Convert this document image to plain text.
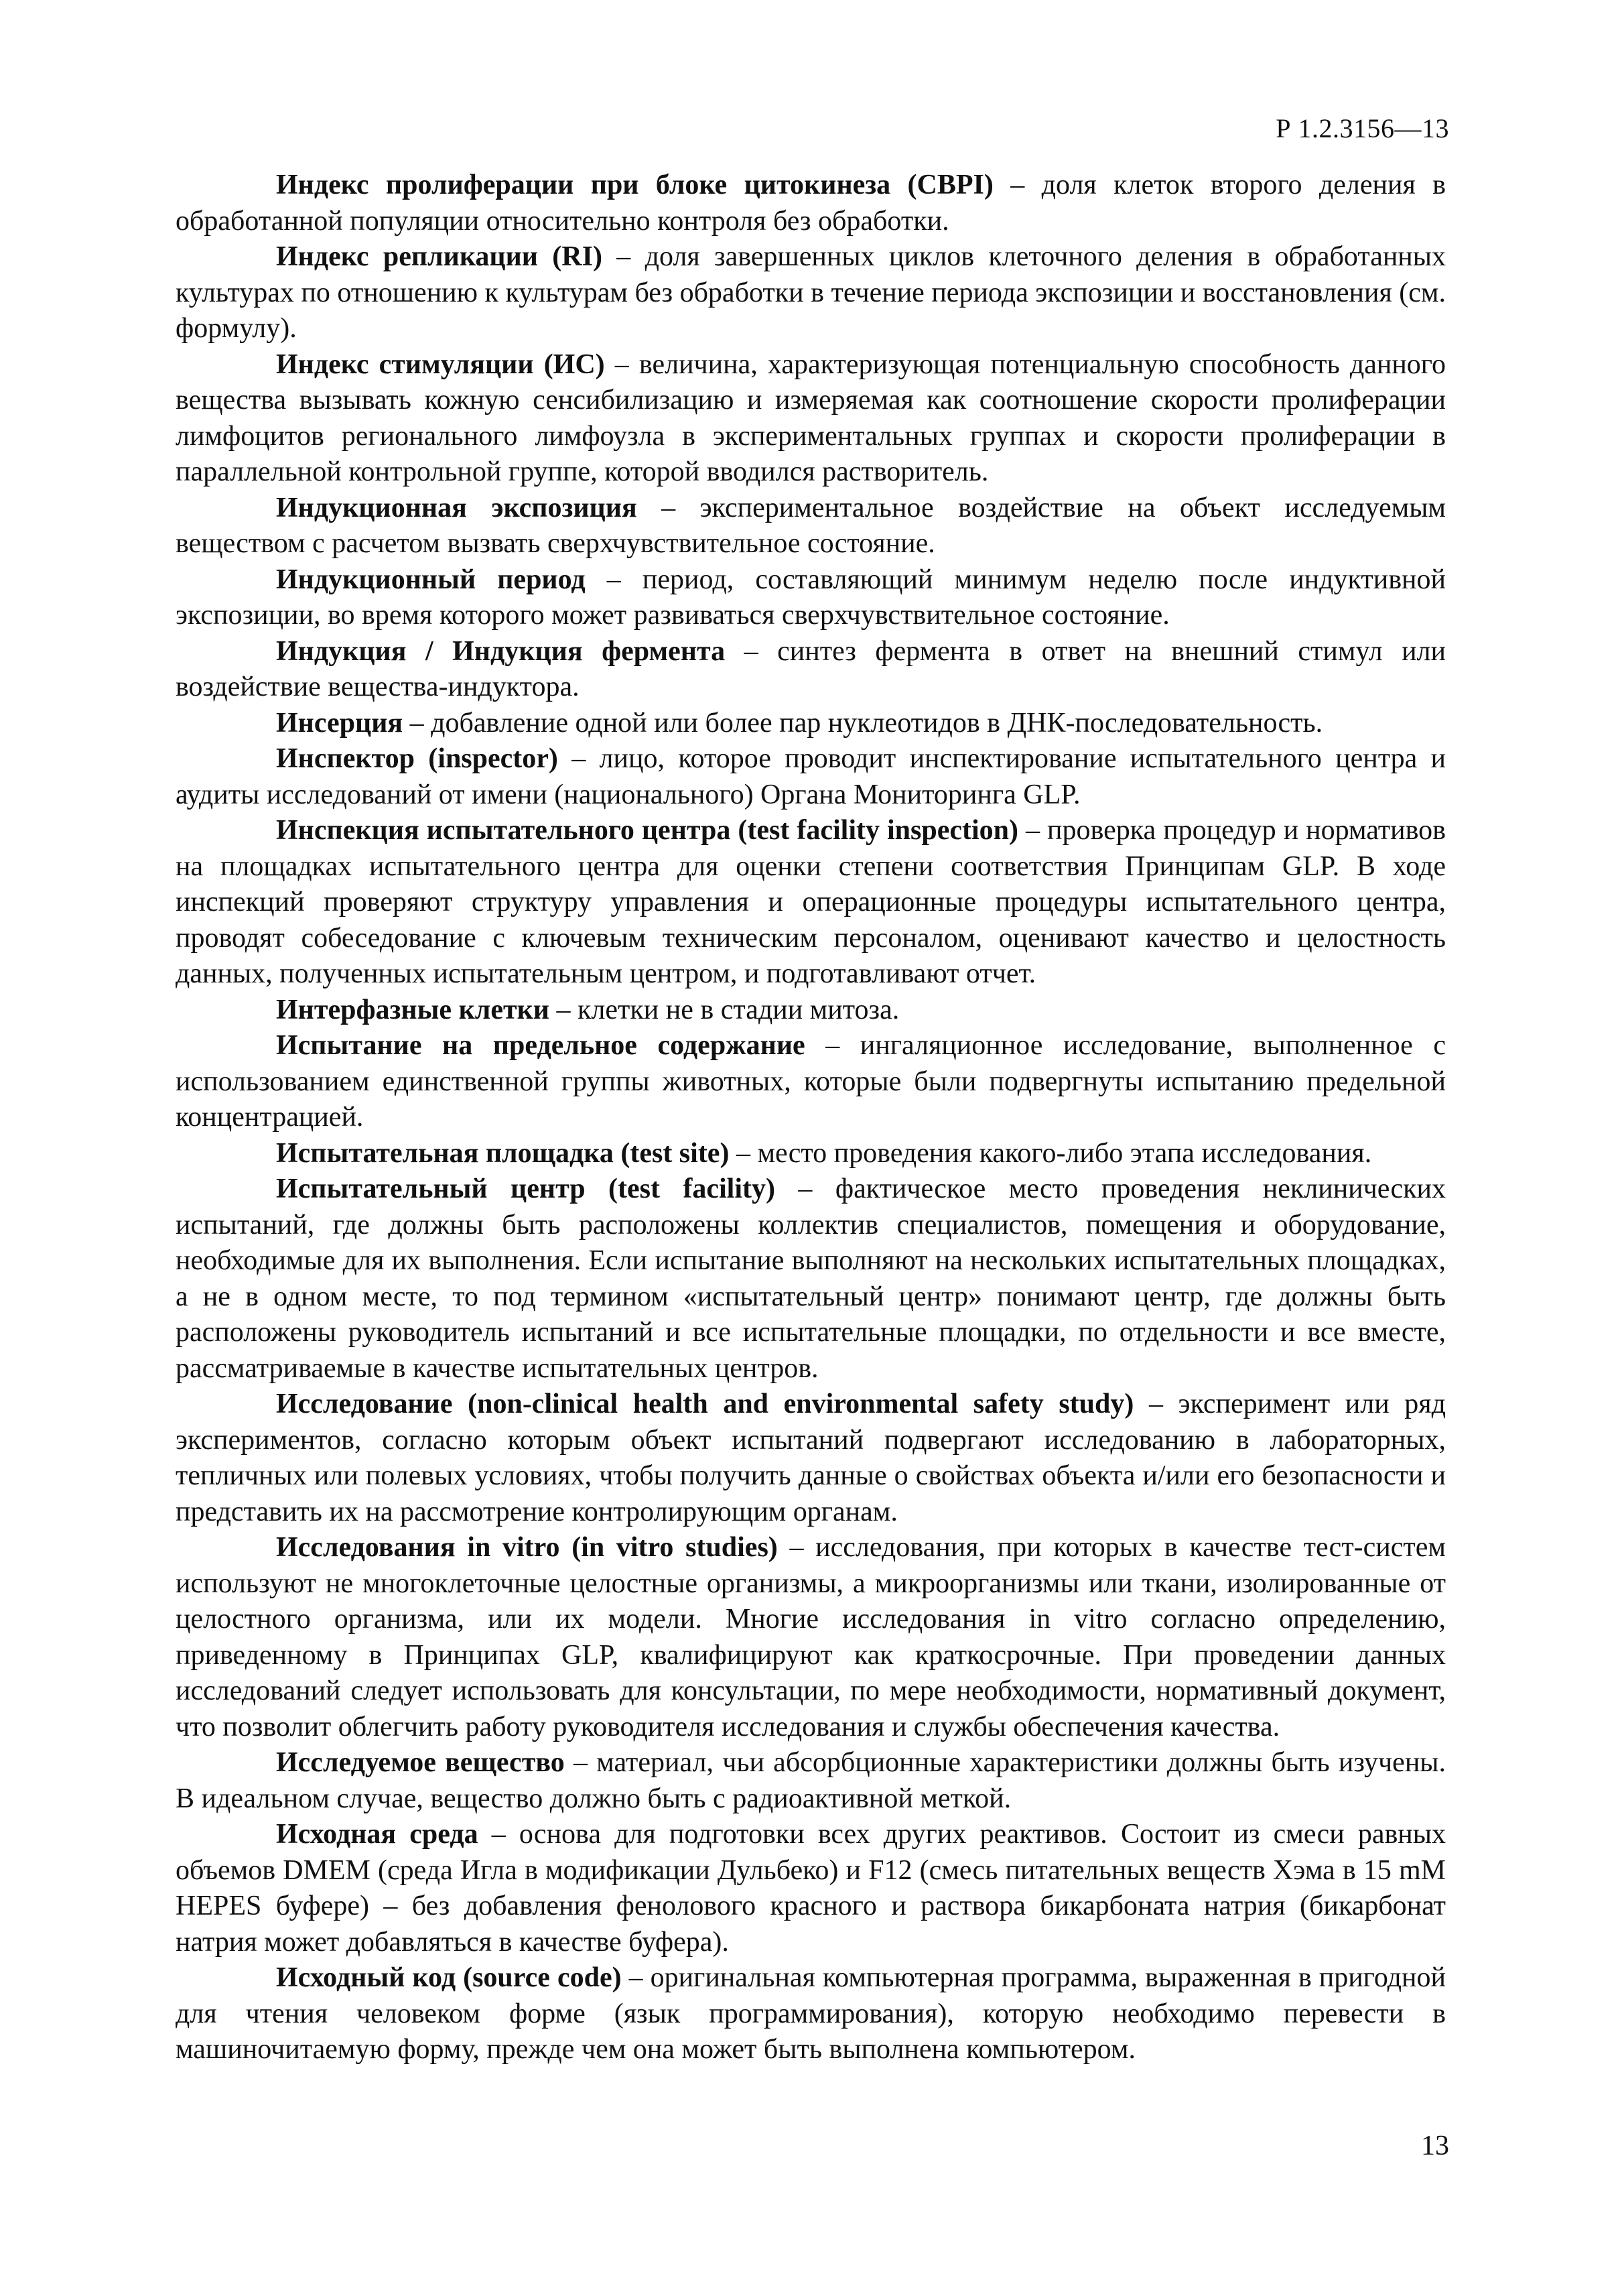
Р 1.2.3156—13

Индекс пролиферации при блоке цитокинеза (CBPI) – доля клеток второго деления в обработанной популяции относительно контроля без обработки.

Индекс репликации (RI) – доля завершенных циклов клеточного деления в обработанных культурах по отношению к культурам без обработки в течение периода экспозиции и восстановления (см. формулу).

Индекс стимуляции (ИС) – величина, характеризующая потенциальную способность данного вещества вызывать кожную сенсибилизацию и измеряемая как соотношение скорости пролиферации лимфоцитов регионального лимфоузла в экспериментальных группах и скорости пролиферации в параллельной контрольной группе, которой вводился растворитель.

Индукционная экспозиция – экспериментальное воздействие на объект исследуемым веществом с расчетом вызвать сверхчувствительное состояние.

Индукционный период – период, составляющий минимум неделю после индуктивной экспозиции, во время которого может развиваться сверхчувствительное состояние.

Индукция / Индукция фермента – синтез фермента в ответ на внешний стимул или воздействие вещества-индуктора.

Инсерция – добавление одной или более пар нуклеотидов в ДНК-последовательность.

Инспектор (inspector) – лицо, которое проводит инспектирование испытательного центра и аудиты исследований от имени (национального) Органа Мониторинга GLP.

Инспекция испытательного центра (test facility inspection) – проверка процедур и нормативов на площадках испытательного центра для оценки степени соответствия Принципам GLP. В ходе инспекций проверяют структуру управления и операционные процедуры испытательного центра, проводят собеседование с ключевым техническим персоналом, оценивают качество и целостность данных, полученных испытательным центром, и подготавливают отчет.

Интерфазные клетки – клетки не в стадии митоза.

Испытание на предельное содержание – ингаляционное исследование, выполненное с использованием единственной группы животных, которые были подвергнуты испытанию предельной концентрацией.

Испытательная площадка (test site) – место проведения какого-либо этапа исследования.

Испытательный центр (test facility) – фактическое место проведения неклинических испытаний, где должны быть расположены коллектив специалистов, помещения и оборудование, необходимые для их выполнения. Если испытание выполняют на нескольких испытательных площадках, а не в одном месте, то под термином «испытательный центр» понимают центр, где должны быть расположены руководитель испытаний и все испытательные площадки, по отдельности и все вместе, рассматриваемые в качестве испытательных центров.

Исследование (non-clinical health and environmental safety study) – эксперимент или ряд экспериментов, согласно которым объект испытаний подвергают исследованию в лабораторных, тепличных или полевых условиях, чтобы получить данные о свойствах объекта и/или его безопасности и представить их на рассмотрение контролирующим органам.

Исследования in vitro (in vitro studies) – исследования, при которых в качестве тест-систем используют не многоклеточные целостные организмы, а микроорганизмы или ткани, изолированные от целостного организма, или их модели. Многие исследования in vitro согласно определению, приведенному в Принципах GLP, квалифицируют как краткосрочные. При проведении данных исследований следует использовать для консультации, по мере необходимости, нормативный документ, что позволит облегчить работу руководителя исследования и службы обеспечения качества.

Исследуемое вещество – материал, чьи абсорбционные характеристики должны быть изучены. В идеальном случае, вещество должно быть с радиоактивной меткой.

Исходная среда – основа для подготовки всех других реактивов. Состоит из смеси равных объемов DMEM (среда Игла в модификации Дульбеко) и F12 (смесь питательных веществ Хэма в 15 mM HEPES буфере) – без добавления фенолового красного и раствора бикарбоната натрия (бикарбонат натрия может добавляться в качестве буфера).

Исходный код (source code) – оригинальная компьютерная программа, выраженная в пригодной для чтения человеком форме (язык программирования), которую необходимо перевести в машиночитаемую форму, прежде чем она может быть выполнена компьютером.

13
